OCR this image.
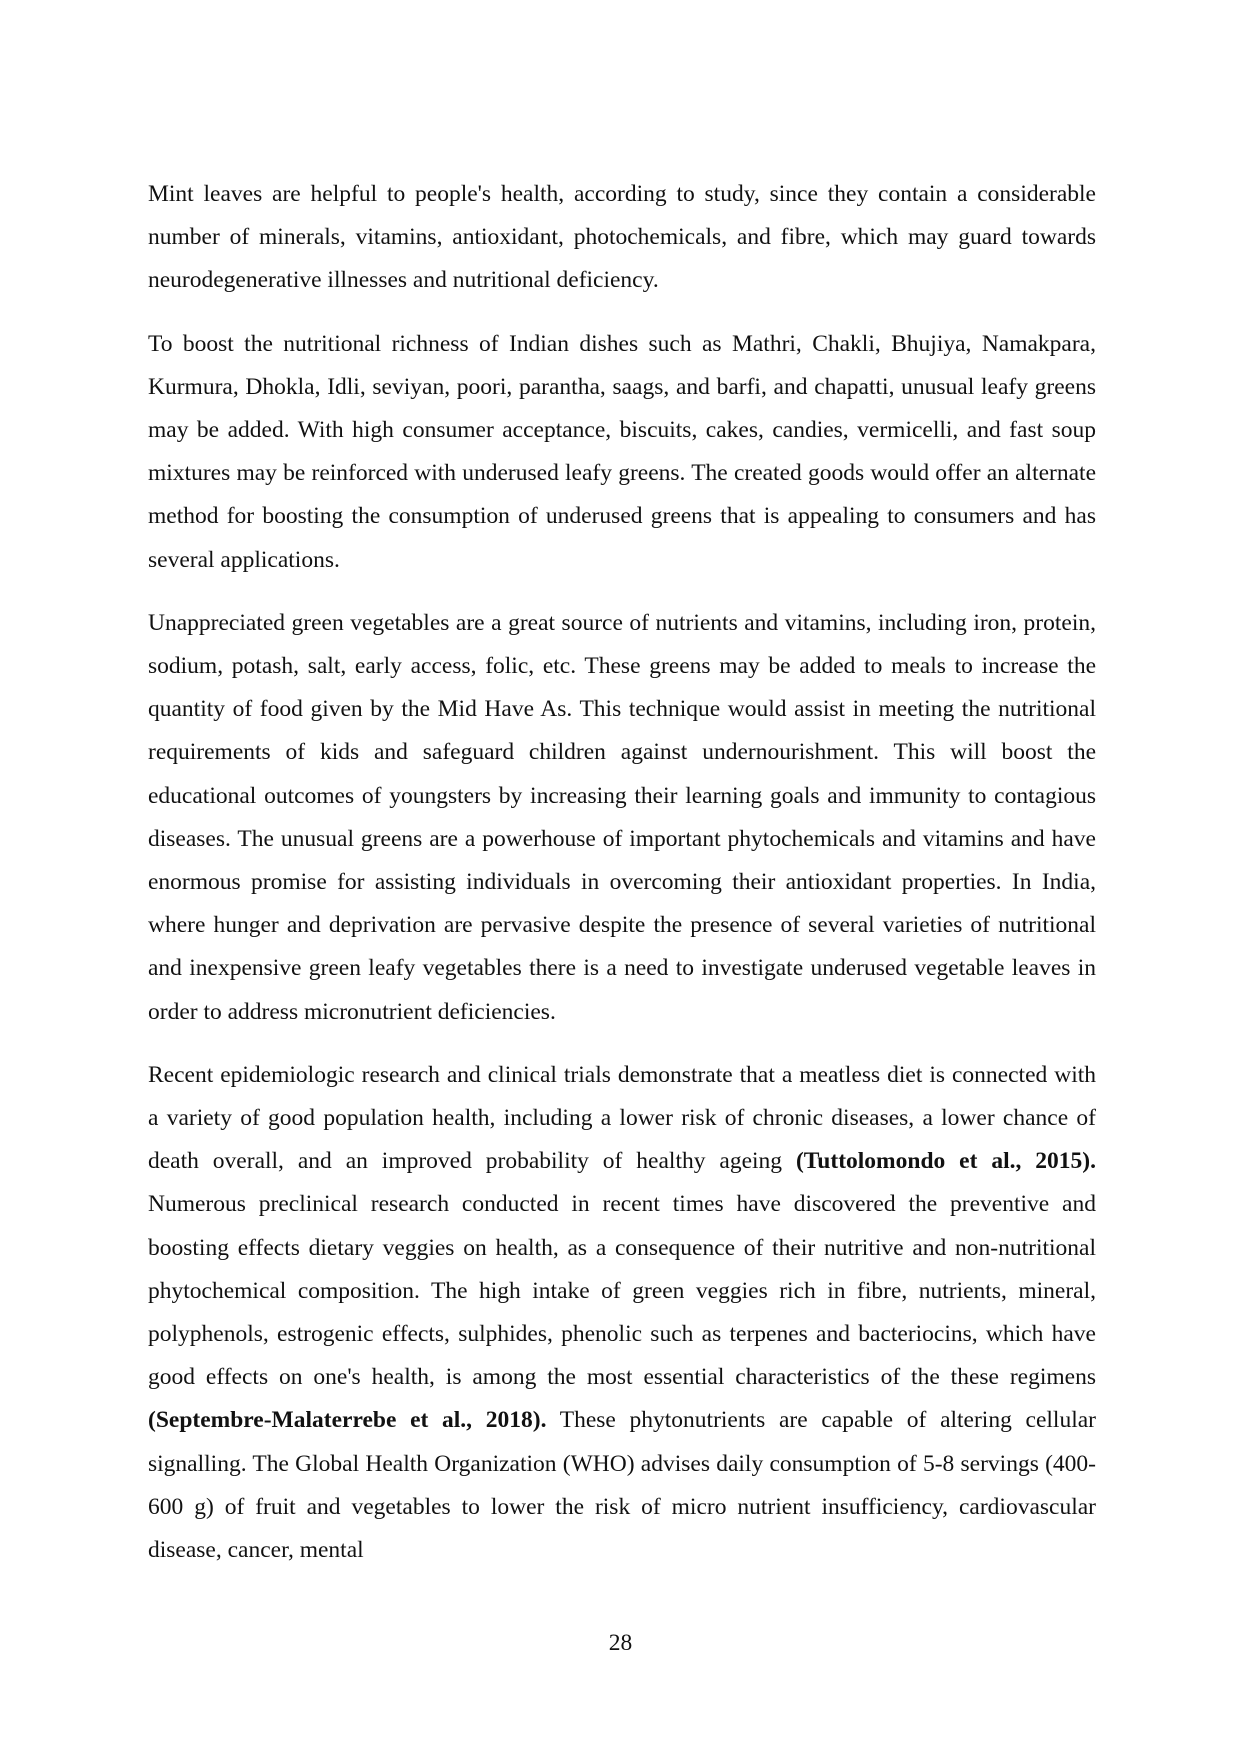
Mint leaves are helpful to people's health, according to study, since they contain a considerable number of minerals, vitamins, antioxidant, photochemicals, and fibre, which may guard towards neurodegenerative illnesses and nutritional deficiency.

To boost the nutritional richness of Indian dishes such as Mathri, Chakli, Bhujiya, Namakpara, Kurmura, Dhokla, Idli, seviyan, poori, parantha, saags, and barfi, and chapatti, unusual leafy greens may be added. With high consumer acceptance, biscuits, cakes, candies, vermicelli, and fast soup mixtures may be reinforced with underused leafy greens. The created goods would offer an alternate method for boosting the consumption of underused greens that is appealing to consumers and has several applications.

Unappreciated green vegetables are a great source of nutrients and vitamins, including iron, protein, sodium, potash, salt, early access, folic, etc. These greens may be added to meals to increase the quantity of food given by the Mid Have As. This technique would assist in meeting the nutritional requirements of kids and safeguard children against undernourishment. This will boost the educational outcomes of youngsters by increasing their learning goals and immunity to contagious diseases. The unusual greens are a powerhouse of important phytochemicals and vitamins and have enormous promise for assisting individuals in overcoming their antioxidant properties. In India, where hunger and deprivation are pervasive despite the presence of several varieties of nutritional and inexpensive green leafy vegetables there is a need to investigate underused vegetable leaves in order to address micronutrient deficiencies.

Recent epidemiologic research and clinical trials demonstrate that a meatless diet is connected with a variety of good population health, including a lower risk of chronic diseases, a lower chance of death overall, and an improved probability of healthy ageing (Tuttolomondo et al., 2015). Numerous preclinical research conducted in recent times have discovered the preventive and boosting effects dietary veggies on health, as a consequence of their nutritive and non-nutritional phytochemical composition. The high intake of green veggies rich in fibre, nutrients, mineral, polyphenols, estrogenic effects, sulphides, phenolic such as terpenes and bacteriocins, which have good effects on one's health, is among the most essential characteristics of the these regimens (Septembre-Malaterrebe et al., 2018). These phytonutrients are capable of altering cellular signalling. The Global Health Organization (WHO) advises daily consumption of 5-8 servings (400-600 g) of fruit and vegetables to lower the risk of micro nutrient insufficiency, cardiovascular disease, cancer, mental

28
